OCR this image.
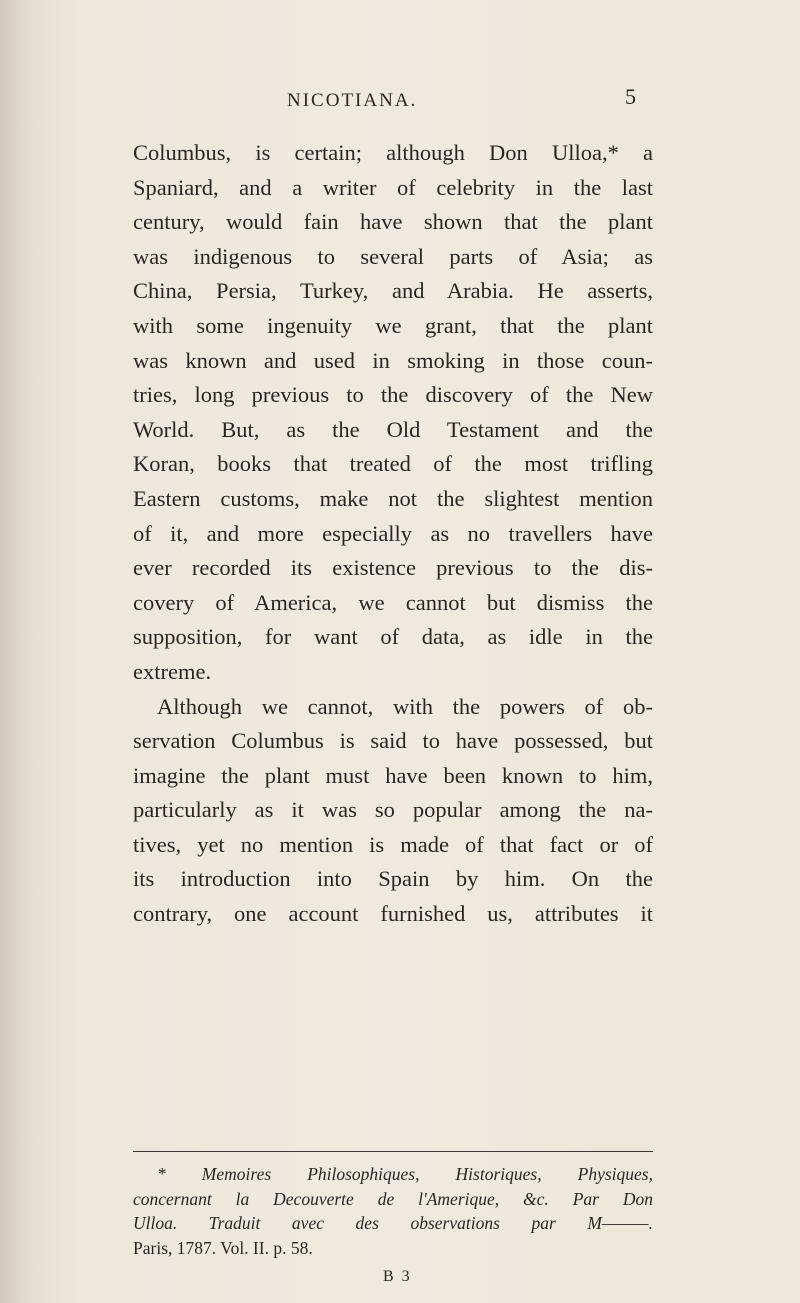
NICOTIANA.	5
Columbus, is certain; although Don Ulloa,* a
Spaniard, and a writer of celebrity in the last
century, would fain have shown that the plant
was indigenous to several parts of Asia; as
China, Persia, Turkey, and Arabia. He asserts,
with some ingenuity we grant, that the plant
was known and used in smoking in those coun-
tries, long previous to the discovery of the New
World. But, as the Old Testament and the
Koran, books that treated of the most trifling
Eastern customs, make not the slightest mention
of it, and more especially as no travellers have
ever recorded its existence previous to the dis-
covery of America, we cannot but dismiss the
supposition, for want of data, as idle in the
extreme.
Although we cannot, with the powers of ob-
servation Columbus is said to have possessed, but
imagine the plant must have been known to him,
particularly as it was so popular among the na-
tives, yet no mention is made of that fact or of
its introduction into Spain by him. On the
contrary, one account furnished us, attributes it
* Memoires Philosophiques, Historiques, Physiques,
concernant la Decouverte de l'Amerique, &c. Par Don
Ulloa. Traduit avec des observations par M———.
Paris, 1787. Vol. II. p. 58.
B 3
